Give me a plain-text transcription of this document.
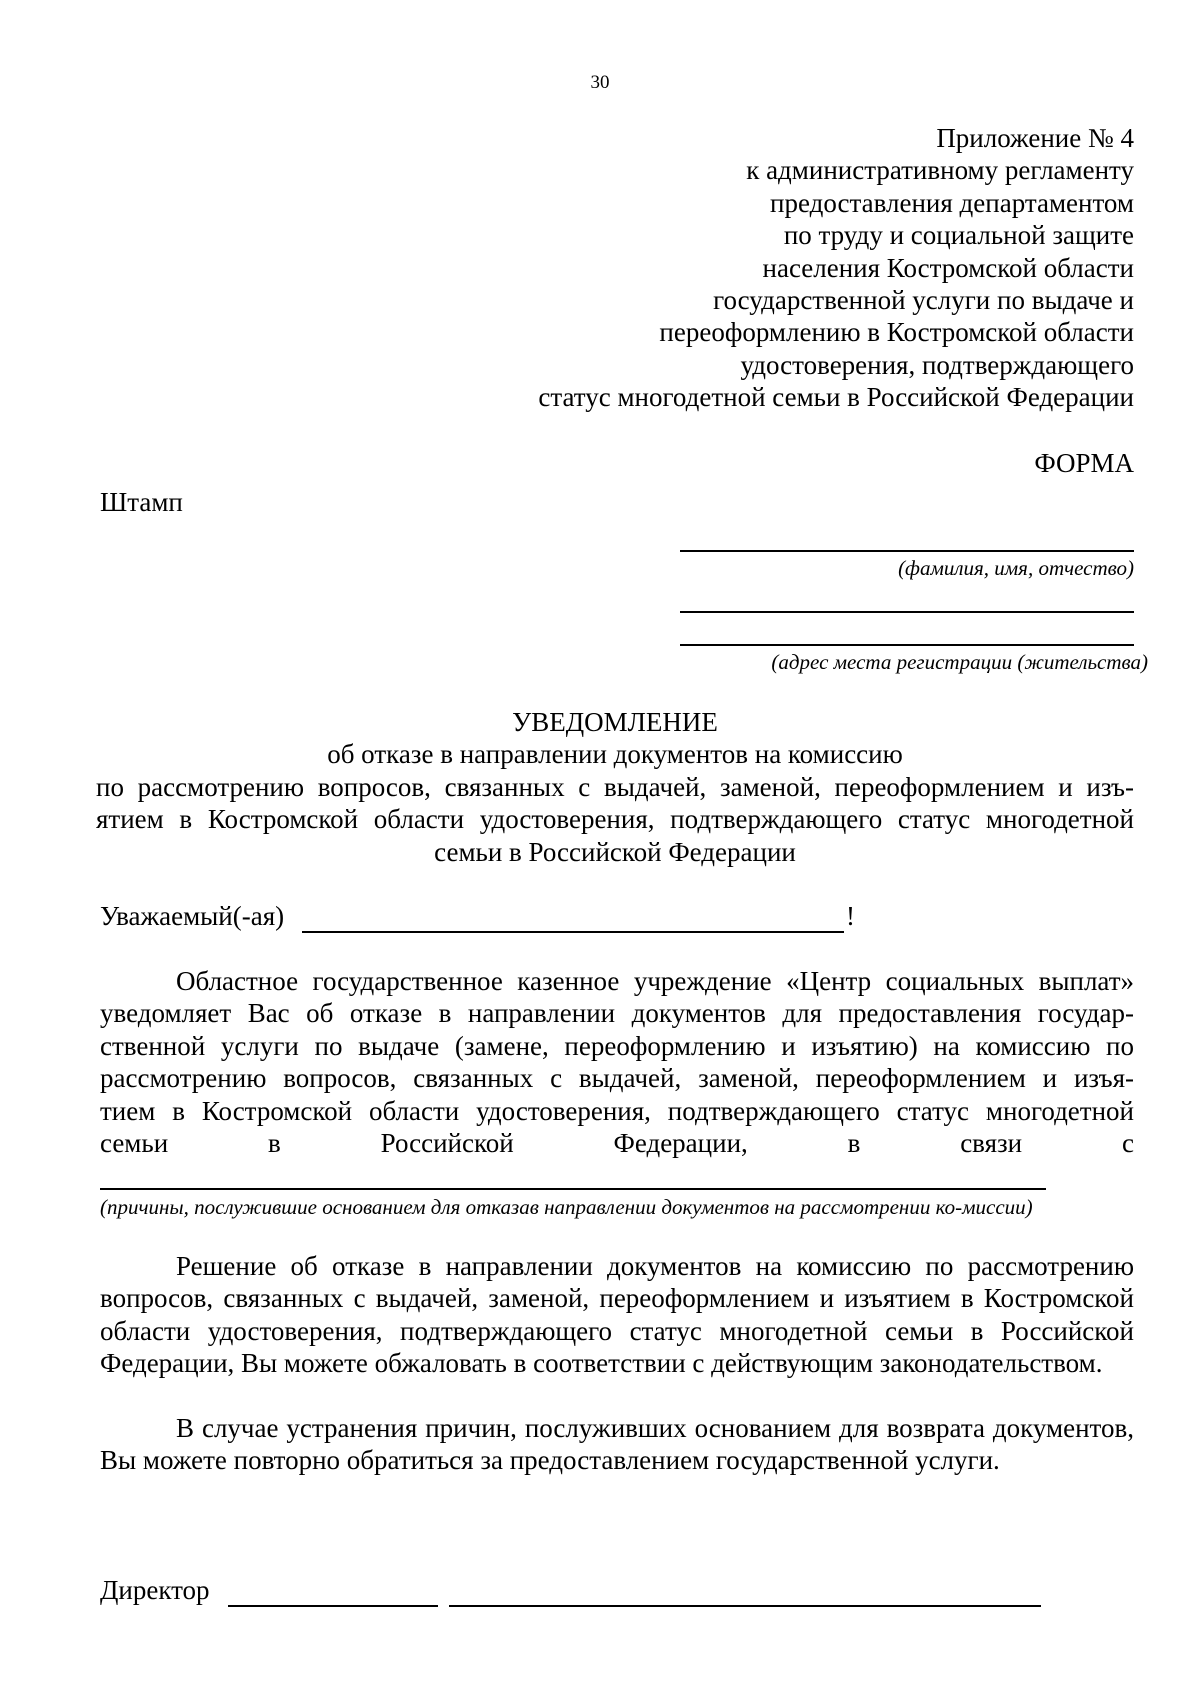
30
Приложение № 4
к административному регламенту
предоставления департаментом
по труду и социальной защите
населения Костромской области
государственной услуги по выдаче и
переоформлению в Костромской области
удостоверения, подтверждающего
статус многодетной семьи в Российской Федерации
ФОРМА
Штамп
(фамилия, имя, отчество)
(адрес места регистрации (жительства)
УВЕДОМЛЕНИЕ
об отказе в направлении документов на комиссию
по рассмотрению вопросов, связанных с выдачей, заменой, переоформлением и изъ-
ятием в Костромской области удостоверения, подтверждающего статус многодетной
семьи в Российской Федерации
Уважаемый(-ая)	!
Областное государственное казенное учреждение «Центр социальных выплат»
уведомляет Вас об отказе в направлении документов для предоставления государ-
ственной услуги по выдаче (замене, переоформлению и изъятию) на комиссию по
рассмотрению вопросов, связанных с выдачей, заменой, переоформлением и изъя-
тием в Костромской области удостоверения, подтверждающего статус многодетной
семьи	в	Российской	Федерации,	в	связи	с
(причины, послужившие основанием для отказав направлении документов на рассмотрении ко-миссии)
Решение об отказе в направлении документов на комиссию по рассмотрению вопросов, связанных с выдачей, заменой, переоформлением и изъятием в Костромской области удостоверения, подтверждающего статус многодетной семьи в Российской Федерации, Вы можете обжаловать в соответствии с действующим законодательством.
В случае устранения причин, послуживших основанием для возврата документов, Вы можете повторно обратиться за предоставлением государственной услуги.
Директор
